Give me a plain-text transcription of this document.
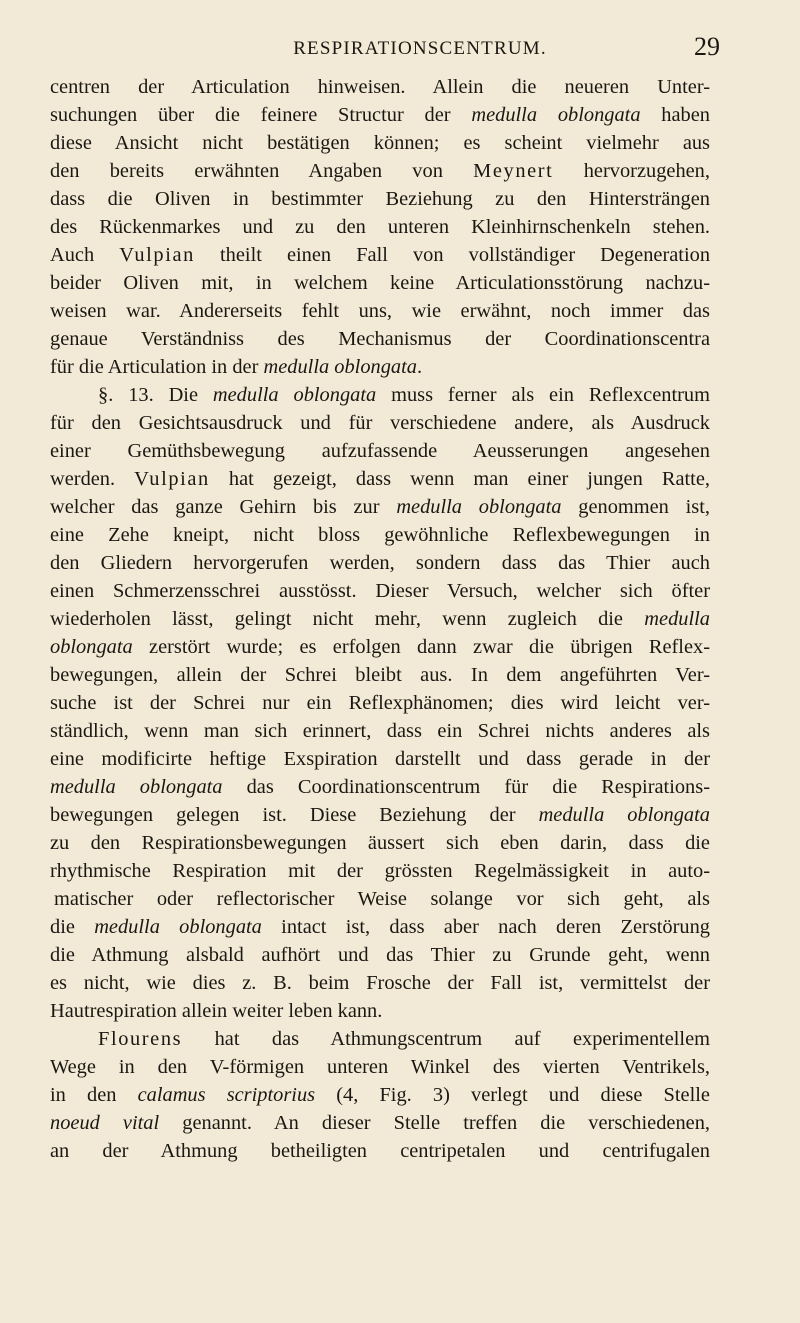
RESPIRATIONSCENTRUM.	29
centren der Articulation hinweisen. Allein die neueren Unter-
suchungen über die feinere Structur der medulla oblongata haben
diese Ansicht nicht bestätigen können; es scheint vielmehr aus
den bereits erwähnten Angaben von Meynert hervorzugehen,
dass die Oliven in bestimmter Beziehung zu den Hintersträngen
des Rückenmarkes und zu den unteren Kleinhirnschenkeln stehen.
Auch Vulpian theilt einen Fall von vollständiger Degeneration
beider Oliven mit, in welchem keine Articulationsstörung nachzu-
weisen war. Andererseits fehlt uns, wie erwähnt, noch immer das
genaue Verständniss des Mechanismus der Coordinationscentra
für die Articulation in der medulla oblongata.
§. 13. Die medulla oblongata muss ferner als ein Reflexcentrum
für den Gesichtsausdruck und für verschiedene andere, als Ausdruck
einer Gemüthsbewegung aufzufassende Aeusserungen angesehen
werden. Vulpian hat gezeigt, dass wenn man einer jungen Ratte,
welcher das ganze Gehirn bis zur medulla oblongata genommen ist,
eine Zehe kneipt, nicht bloss gewöhnliche Reflexbewegungen in
den Gliedern hervorgerufen werden, sondern dass das Thier auch
einen Schmerzensschrei ausstösst. Dieser Versuch, welcher sich öfter
wiederholen lässt, gelingt nicht mehr, wenn zugleich die medulla
oblongata zerstört wurde; es erfolgen dann zwar die übrigen Reflex-
bewegungen, allein der Schrei bleibt aus. In dem angeführten Ver-
suche ist der Schrei nur ein Reflexphänomen; dies wird leicht ver-
ständlich, wenn man sich erinnert, dass ein Schrei nichts anderes als
eine modificirte heftige Exspiration darstellt und dass gerade in der
medulla oblongata das Coordinationscentrum für die Respirations-
bewegungen gelegen ist. Diese Beziehung der medulla oblongata
zu den Respirationsbewegungen äussert sich eben darin, dass die
rhythmische Respiration mit der grössten Regelmässigkeit in auto-
matischer oder reflectorischer Weise solange vor sich geht, als
die medulla oblongata intact ist, dass aber nach deren Zerstörung
die Athmung alsbald aufhört und das Thier zu Grunde geht, wenn
es nicht, wie dies z. B. beim Frosche der Fall ist, vermittelst der
Hautrespiration allein weiter leben kann.
Flourens hat das Athmungscentrum auf experimentellem
Wege in den V-förmigen unteren Winkel des vierten Ventrikels,
in den calamus scriptorius (4, Fig. 3) verlegt und diese Stelle
noeud vital genannt. An dieser Stelle treffen die verschiedenen,
an der Athmung betheiligten centripetalen und centrifugalen
